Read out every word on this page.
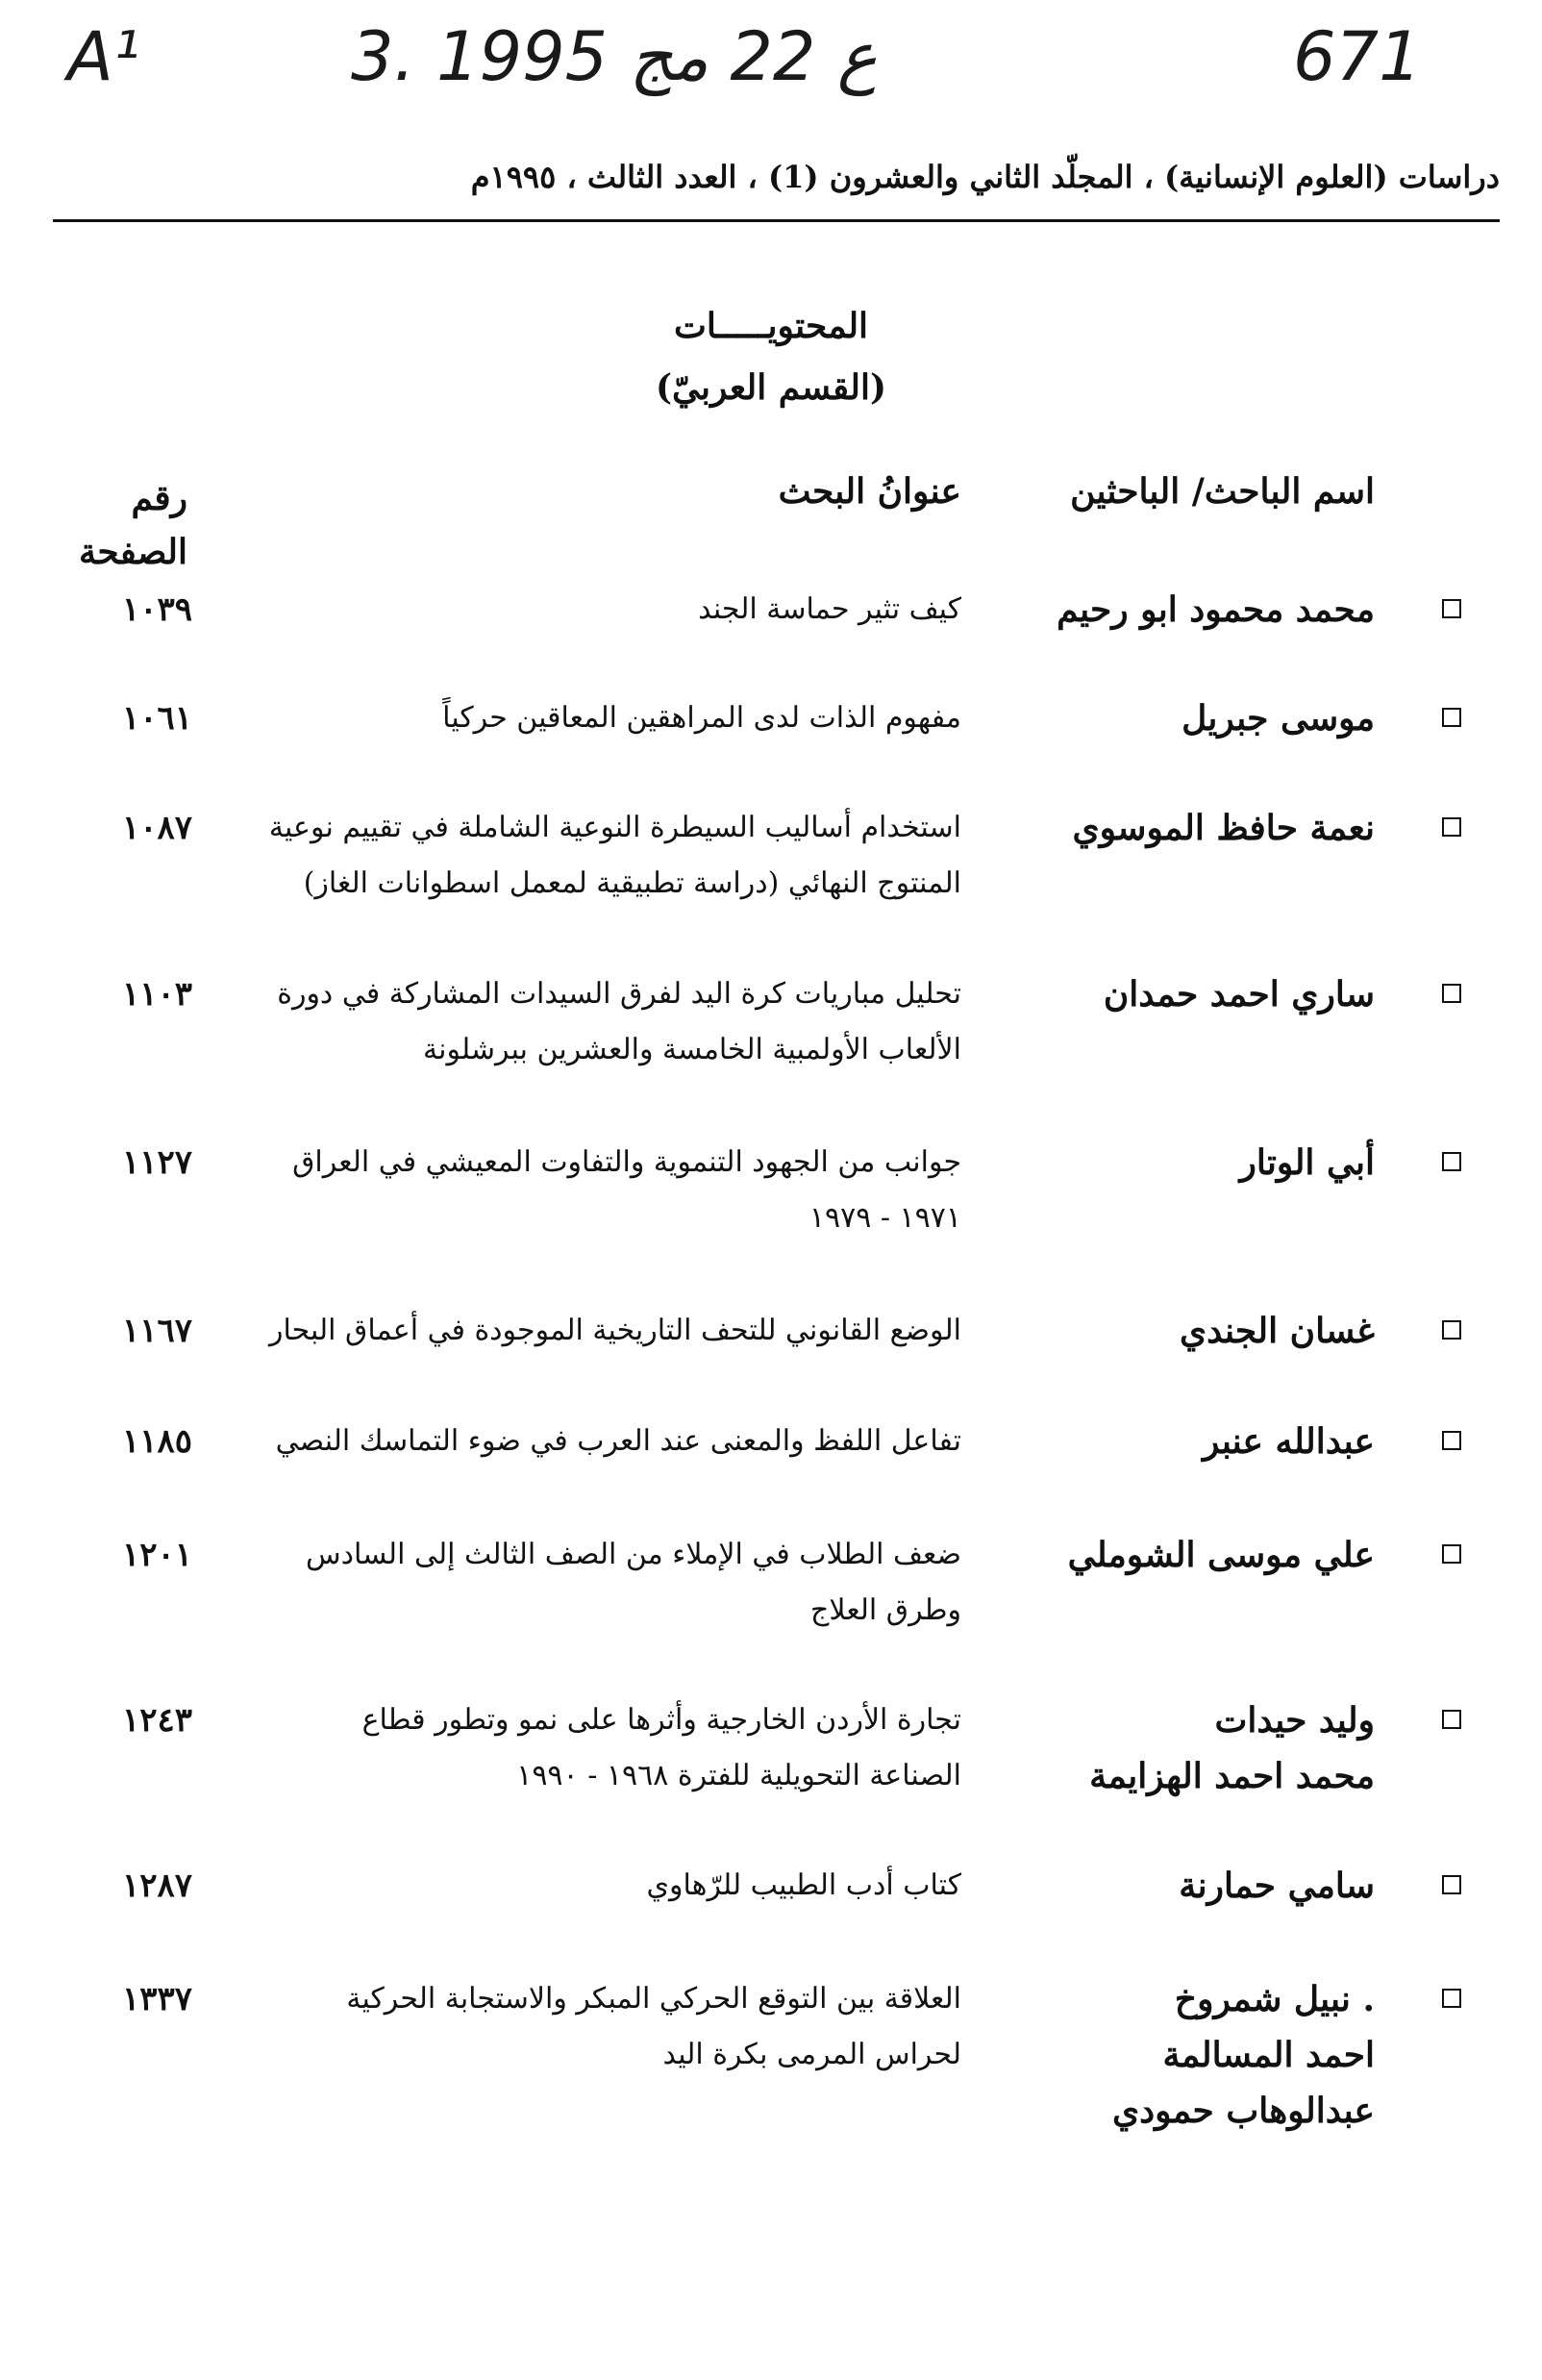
A¹	3. ع 22 مج 1995	671
دراسات (العلوم الإنسانية) ، المجلّد الثاني والعشرون (1) ، العدد الثالث ، ١٩٩٥م
المحتويـــــات
(القسم العربيّ)
اسم الباحث/ الباحثين
عنوانُ البحث
رقم
الصفحة
محمد محمود ابو رحيم
كيف تثير حماسة الجند
١٠٣٩
موسى جبريل
مفهوم الذات لدى المراهقين المعاقين حركياً
١٠٦١
نعمة حافظ الموسوي
استخدام أساليب السيطرة النوعية الشاملة في تقييم نوعية
المنتوج النهائي (دراسة تطبيقية لمعمل اسطوانات الغاز)
١٠٨٧
ساري احمد حمدان
تحليل مباريات كرة اليد لفرق السيدات المشاركة في دورة
الألعاب الأولمبية الخامسة والعشرين ببرشلونة
١١٠٣
أبي الوتار
جوانب من الجهود التنموية والتفاوت المعيشي في العراق
١٩٧١ - ١٩٧٩
١١٢٧
غسان الجندي
الوضع القانوني للتحف التاريخية الموجودة في أعماق البحار
١١٦٧
عبدالله عنبر
تفاعل اللفظ والمعنى عند العرب في ضوء التماسك النصي
١١٨٥
علي موسى الشوملي
ضعف الطلاب في الإملاء من الصف الثالث إلى السادس
وطرق العلاج
١٢٠١
وليد حيدات
محمد احمد الهزايمة
تجارة الأردن الخارجية وأثرها على نمو وتطور قطاع
الصناعة التحويلية للفترة ١٩٦٨ - ١٩٩٠
١٢٤٣
سامي حمارنة
كتاب أدب الطبيب للرّهاوي
١٢٨٧
. نبيل شمروخ
احمد المسالمة
عبدالوهاب حمودي
العلاقة بين التوقع الحركي المبكر والاستجابة الحركية
لحراس المرمى بكرة اليد
١٣٣٧
